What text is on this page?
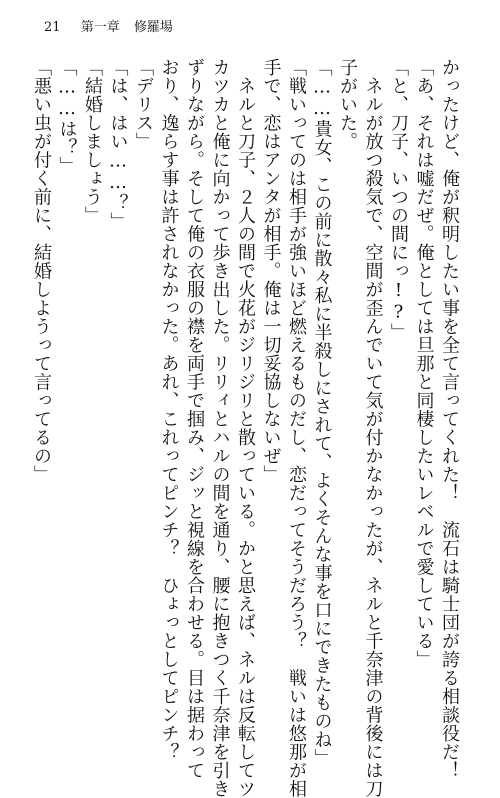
21 第一章 修羅場

かったけど、俺が釈明したい事を全て言ってくれた！　流石は騎士団が誇る相談役だ！

「あ、それは嘘だぜ。俺としては旦那と同棲したいレベルで愛している」

「と、刀子、いつの間にっ!?」

　ネルが放つ殺気で、空間が歪んでいて気が付かなかったが、ネルと千奈津の背後には刀

子がいた。

「……貴女、この前に散々私に半殺しにされて、よくそんな事を口にできたものね」

「戦いってのは相手が強いほど燃えるものだし、恋だってそうだろう？　戦いは悠那が相

手で、恋はアンタが相手。俺は一切妥協しないぜ」

　ネルと刀子、２人の間で火花がジリジリと散っている。かと思えば、ネルは反転してツ

カツカと俺に向かって歩き出した。リリィとハルの間を通り、腰に抱きつく千奈津を引き

ずりながら。そして俺の衣服の襟を両手で掴み、ジッと視線を合わせる。目は据わって

おり、逸らす事は許されなかった。あれ、これってピンチ？　ひょっとしてピンチ？

「デリス」

「は、はい……？」

「結婚しましょう」

「……は？」

「悪い虫が付く前に、結婚しようって言ってるの」
